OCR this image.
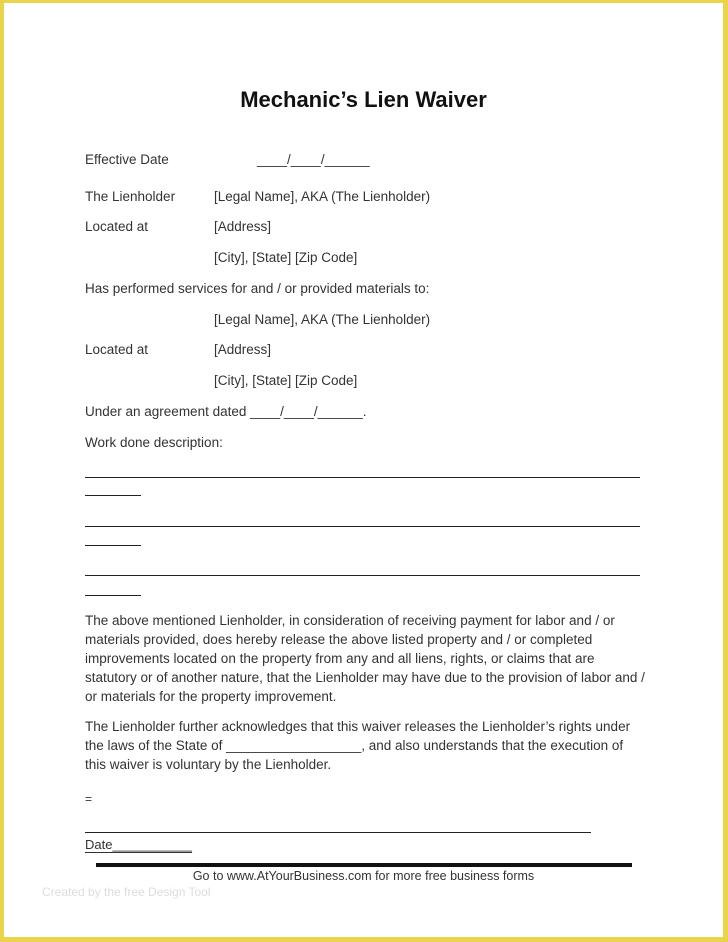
Mechanic’s Lien Waiver
Effective Date	____/____/______
The Lienholder	[Legal Name], AKA (The Lienholder)
Located at	[Address]
[City], [State] [Zip Code]
Has performed services for and / or provided materials to:
[Legal Name], AKA (The Lienholder)
Located at	[Address]
[City], [State] [Zip Code]
Under an agreement dated ____/____/______.
Work done description:
The above mentioned Lienholder, in consideration of receiving payment for labor and / or materials provided, does hereby release the above listed property and / or completed improvements located on the property from any and all liens, rights, or claims that are statutory or of another nature, that the Lienholder may have due to the provision of labor and / or materials for the property improvement.
The Lienholder further acknowledges that this waiver releases the Lienholder’s rights under the laws of the State of __________________, and also understands that the execution of this waiver is voluntary by the Lienholder.
=
Date___________
Go to www.AtYourBusiness.com for more free business forms
Created by the free Design Tool
